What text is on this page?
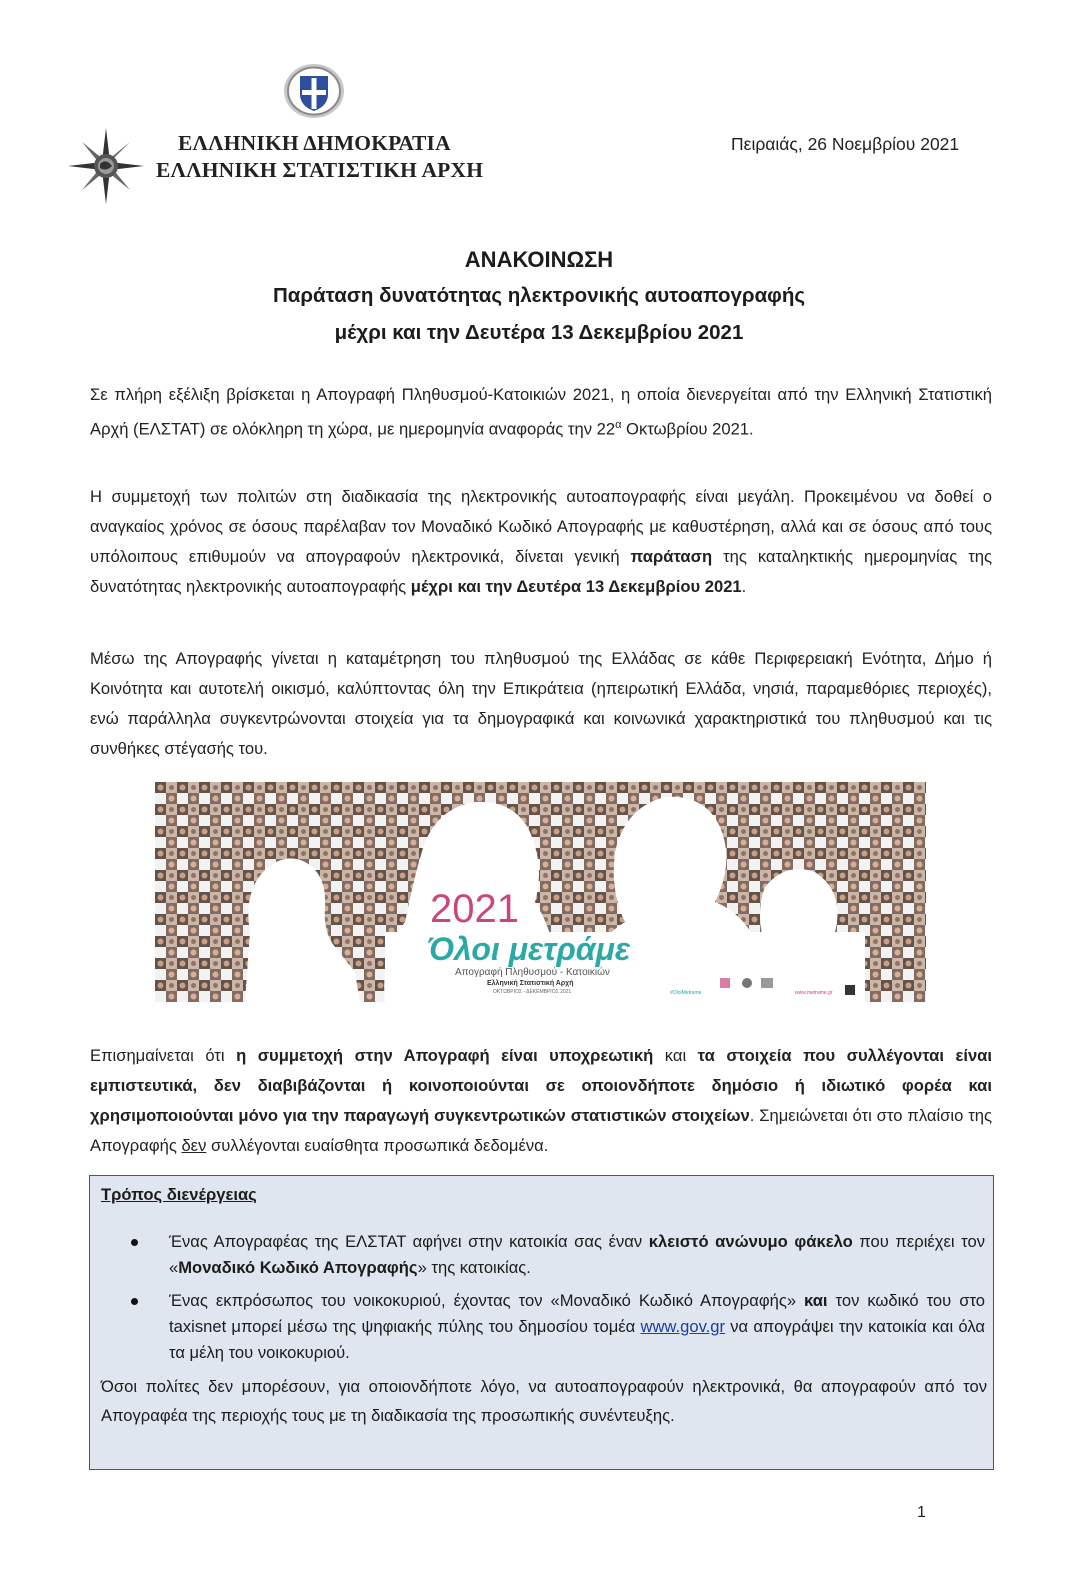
ΕΛΛΗΝΙΚΗ ΔΗΜΟΚΡΑΤΙΑ
ΕΛΛΗΝΙΚΗ ΣΤΑΤΙΣΤΙΚΗ ΑΡΧΗ
Πειραιάς, 26 Νοεμβρίου 2021
ΑΝΑΚΟΙΝΩΣΗ
Παράταση δυνατότητας ηλεκτρονικής αυτοαπογραφής
μέχρι και την Δευτέρα 13 Δεκεμβρίου 2021
Σε πλήρη εξέλιξη βρίσκεται η Απογραφή Πληθυσμού-Κατοικιών 2021, η οποία διενεργείται από την Ελληνική Στατιστική Αρχή (ΕΛΣΤΑΤ) σε ολόκληρη τη χώρα, με ημερομηνία αναφοράς την $22^\alpha$ Οκτωβρίου 2021.
Η συμμετοχή των πολιτών στη διαδικασία της ηλεκτρονικής αυτοαπογραφής είναι μεγάλη. Προκειμένου να δοθεί ο αναγκαίος χρόνος σε όσους παρέλαβαν τον Μοναδικό Κωδικό Απογραφής με καθυστέρηση, αλλά και σε όσους από τους υπόλοιπους επιθυμούν να απογραφούν ηλεκτρονικά, δίνεται γενική παράταση της καταληκτικής ημερομηνίας της δυνατότητας ηλεκτρονικής αυτοαπογραφής μέχρι και την Δευτέρα 13 Δεκεμβρίου 2021.
Μέσω της Απογραφής γίνεται η καταμέτρηση του πληθυσμού της Ελλάδας σε κάθε Περιφερειακή Ενότητα, Δήμο ή Κοινότητα και αυτοτελή οικισμό, καλύπτοντας όλη την Επικράτεια (ηπειρωτική Ελλάδα, νησιά, παραμεθόριες περιοχές), ενώ παράλληλα συγκεντρώνονται στοιχεία για τα δημογραφικά και κοινωνικά χαρακτηριστικά του πληθυσμού και τις συνθήκες στέγασής του.
2021
Όλοι μετράμε
Απογραφή Πληθυσμού - Κατοικιών
Ελληνική Στατιστική Αρχή
ΟΚΤΩΒΡΙΟΣ - ΔΕΚΕΜΒΡΙΟΣ 2021	#OloiMetrame	www.metrame.gr
Επισημαίνεται ότι η συμμετοχή στην Απογραφή είναι υποχρεωτική και τα στοιχεία που συλλέγονται είναι εμπιστευτικά, δεν διαβιβάζονται ή κοινοποιούνται σε οποιονδήποτε δημόσιο ή ιδιωτικό φορέα και χρησιμοποιούνται μόνο για την παραγωγή συγκεντρωτικών στατιστικών στοιχείων. Σημειώνεται ότι στο πλαίσιο της Απογραφής δεν συλλέγονται ευαίσθητα προσωπικά δεδομένα.
Τρόπος διενέργειας
Ένας Απογραφέας της ΕΛΣΤΑΤ αφήνει στην κατοικία σας έναν κλειστό ανώνυμο φάκελο που περιέχει τον «Μοναδικό Κωδικό Απογραφής» της κατοικίας.
Ένας εκπρόσωπος του νοικοκυριού, έχοντας τον «Μοναδικό Κωδικό Απογραφής» και τον κωδικό του στο taxisnet μπορεί μέσω της ψηφιακής πύλης του δημοσίου τομέα www.gov.gr να απογράψει την κατοικία και όλα τα μέλη του νοικοκυριού.
Όσοι πολίτες δεν μπορέσουν, για οποιονδήποτε λόγο, να αυτοαπογραφούν ηλεκτρονικά, θα απογραφούν από τον Απογραφέα της περιοχής τους με τη διαδικασία της προσωπικής συνέντευξης.
1
